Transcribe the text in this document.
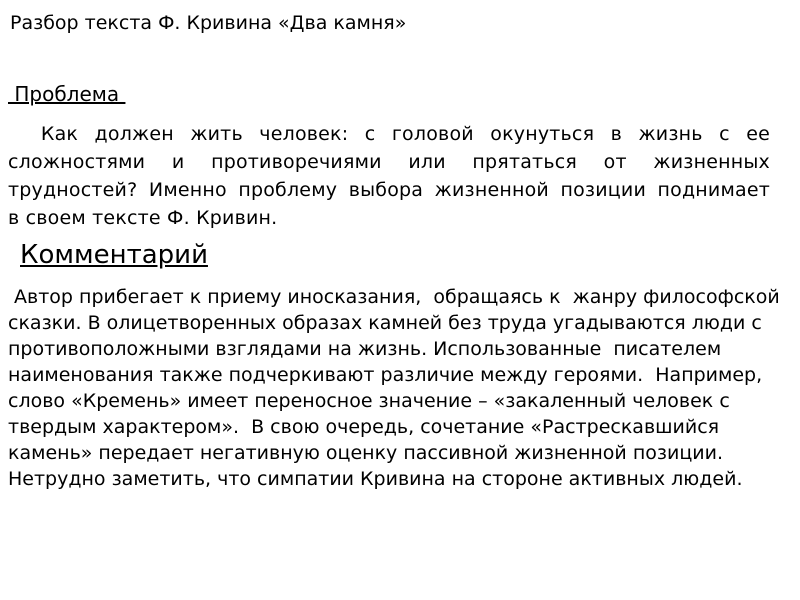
Разбор текста Ф. Кривина «Два камня»
Проблема
Как должен жить человек: с головой окунуться в жизнь с ее сложностями и противоречиями или прятаться от жизненных трудностей? Именно проблему выбора жизненной позиции поднимает    в своем тексте Ф. Кривин.
Комментарий
Автор прибегает к приему иносказания,  обращаясь к  жанру философской сказки. В олицетворенных образах камней без труда угадываются люди с противоположными взглядами на жизнь. Использованные  писателем наименования также подчеркивают различие между героями.  Например, слово «Кремень» имеет переносное значение – «закаленный человек с твердым характером».  В свою очередь, сочетание «Растрескавшийся камень» передает негативную оценку пассивной жизненной позиции. Нетрудно заметить, что симпатии Кривина на стороне активных людей.
